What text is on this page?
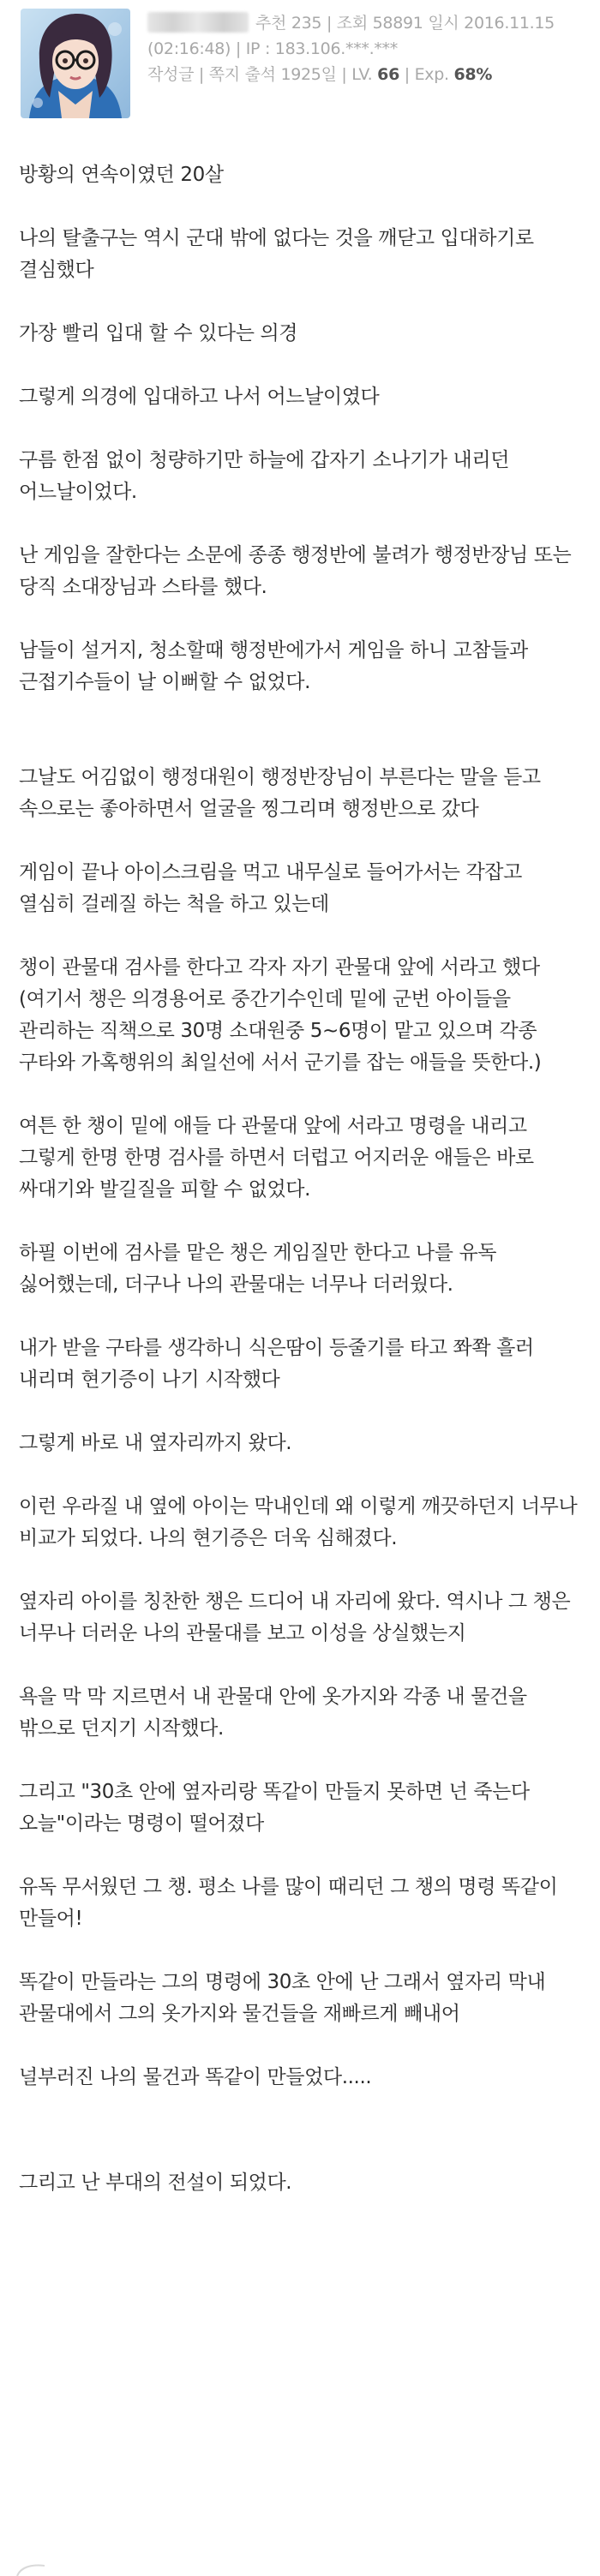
추천 235 | 조회 58891 일시 2016.11.15
(02:16:48) | IP : 183.106.***.***
작성글 | 쪽지 출석 1925일 | LV. 66 | Exp. 68%

방황의 연속이였던 20살

나의 탈출구는 역시 군대 밖에 없다는 것을 깨닫고 입대하기로 결심했다

가장 빨리 입대 할 수 있다는 의경

그렇게 의경에 입대하고 나서 어느날이였다

구름 한점 없이 청량하기만 하늘에 갑자기 소나기가 내리던 어느날이었다.

난 게임을 잘한다는 소문에 종종 행정반에 불려가 행정반장님 또는 당직 소대장님과 스타를 했다.

남들이 설거지, 청소할때 행정반에가서 게임을 하니 고참들과 근접기수들이 날 이뻐할 수 없었다.

그날도 어김없이 행정대원이 행정반장님이 부른다는 말을 듣고 속으로는 좋아하면서 얼굴을 찡그리며 행정반으로 갔다

게임이 끝나 아이스크림을 먹고 내무실로 들어가서는 각잡고 열심히 걸레질 하는 척을 하고 있는데

챙이 관물대 검사를 한다고 각자 자기 관물대 앞에 서라고 했다 (여기서 챙은 의경용어로 중간기수인데 밑에 군번 아이들을 관리하는 직책으로 30명 소대원중 5~6명이 맡고 있으며 각종 구타와 가혹행위의 최일선에 서서 군기를 잡는 애들을 뜻한다.)

여튼 한 챙이 밑에 애들 다 관물대 앞에 서라고 명령을 내리고 그렇게 한명 한명 검사를 하면서 더럽고 어지러운 애들은 바로 싸대기와 발길질을 피할 수 없었다.

하필 이번에 검사를 맡은 챙은 게임질만 한다고 나를 유독 싫어했는데, 더구나 나의 관물대는 너무나 더러웠다.

내가 받을 구타를 생각하니 식은땀이 등줄기를 타고 쫘쫙 흘러 내리며 현기증이 나기 시작했다

그렇게 바로 내 옆자리까지 왔다.

이런 우라질 내 옆에 아이는 막내인데 왜 이렇게 깨끗하던지 너무나 비교가 되었다. 나의 현기증은 더욱 심해졌다.

옆자리 아이를 칭찬한 챙은 드디어 내 자리에 왔다. 역시나 그 챙은 너무나 더러운 나의 관물대를 보고 이성을 상실했는지

욕을 막 막 지르면서 내 관물대 안에 옷가지와 각종 내 물건을 밖으로 던지기 시작했다.

그리고 "30초 안에 옆자리랑 똑같이 만들지 못하면 넌 죽는다 오늘"이라는 명령이 떨어졌다

유독 무서웠던 그 챙. 평소 나를 많이 때리던 그 챙의 명령 똑같이 만들어!

똑같이 만들라는 그의 명령에 30초 안에 난 그래서 옆자리 막내 관물대에서 그의 옷가지와 물건들을 재빠르게 빼내어

널부러진 나의 물건과 똑같이 만들었다.....

그리고 난 부대의 전설이 되었다.
